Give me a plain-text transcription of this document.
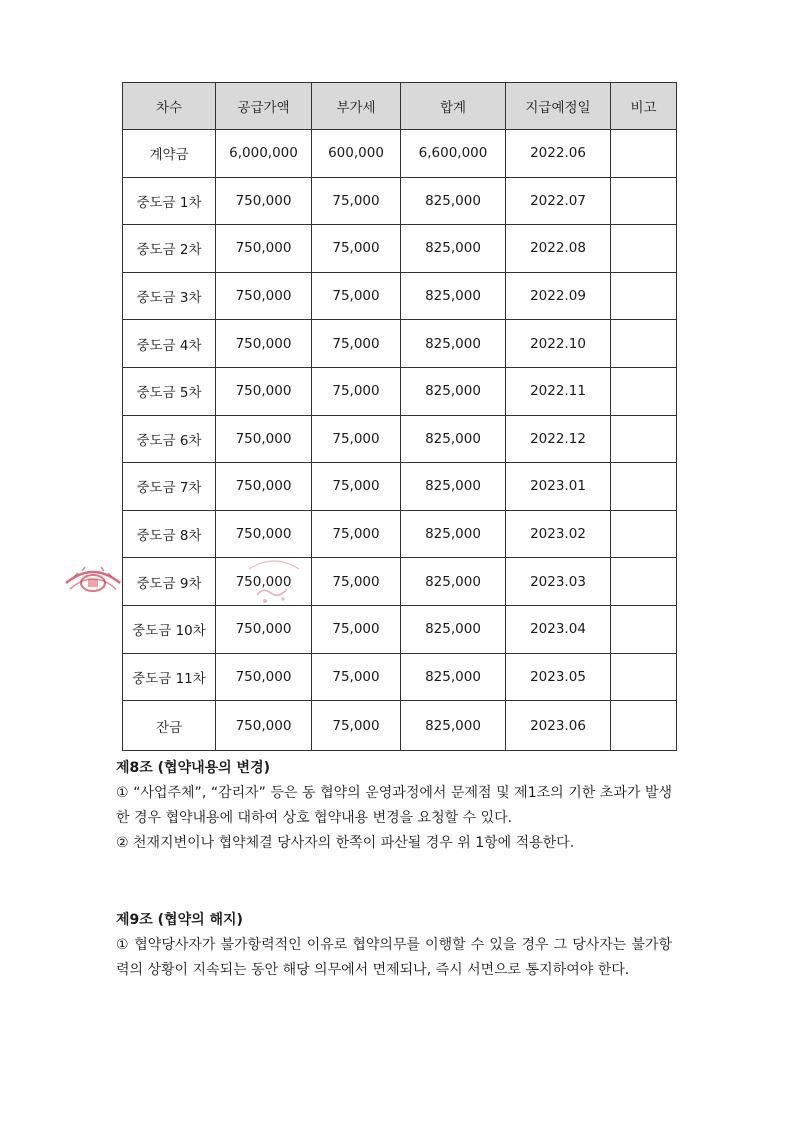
차수	공급가액	부가세	합계	지급예정일	비고
계약금	6,000,000	600,000	6,600,000	2022.06	
중도금 1차	750,000	75,000	825,000	2022.07	
중도금 2차	750,000	75,000	825,000	2022.08	
중도금 3차	750,000	75,000	825,000	2022.09	
중도금 4차	750,000	75,000	825,000	2022.10	
중도금 5차	750,000	75,000	825,000	2022.11	
중도금 6차	750,000	75,000	825,000	2022.12	
중도금 7차	750,000	75,000	825,000	2023.01	
중도금 8차	750,000	75,000	825,000	2023.02	
중도금 9차	750,000	75,000	825,000	2023.03	
중도금 10차	750,000	75,000	825,000	2023.04	
중도금 11차	750,000	75,000	825,000	2023.05	
잔금	750,000	75,000	825,000	2023.06	
제8조 (협약내용의 변경)
① “사업주체”, “감리자” 등은 동 협약의 운영과정에서 문제점 및 제1조의 기한 초과가 발생한 경우 협약내용에 대하여 상호 협약내용 변경을 요청할 수 있다.
② 천재지변이나 협약체결 당사자의 한쪽이 파산될 경우 위 1항에 적용한다.
제9조 (협약의 해지)
① 협약당사자가 불가항력적인 이유로 협약의무를 이행할 수 있을 경우 그 당사자는 불가항력의 상황이 지속되는 동안 해당 의무에서 면제되나, 즉시 서면으로 통지하여야 한다.
